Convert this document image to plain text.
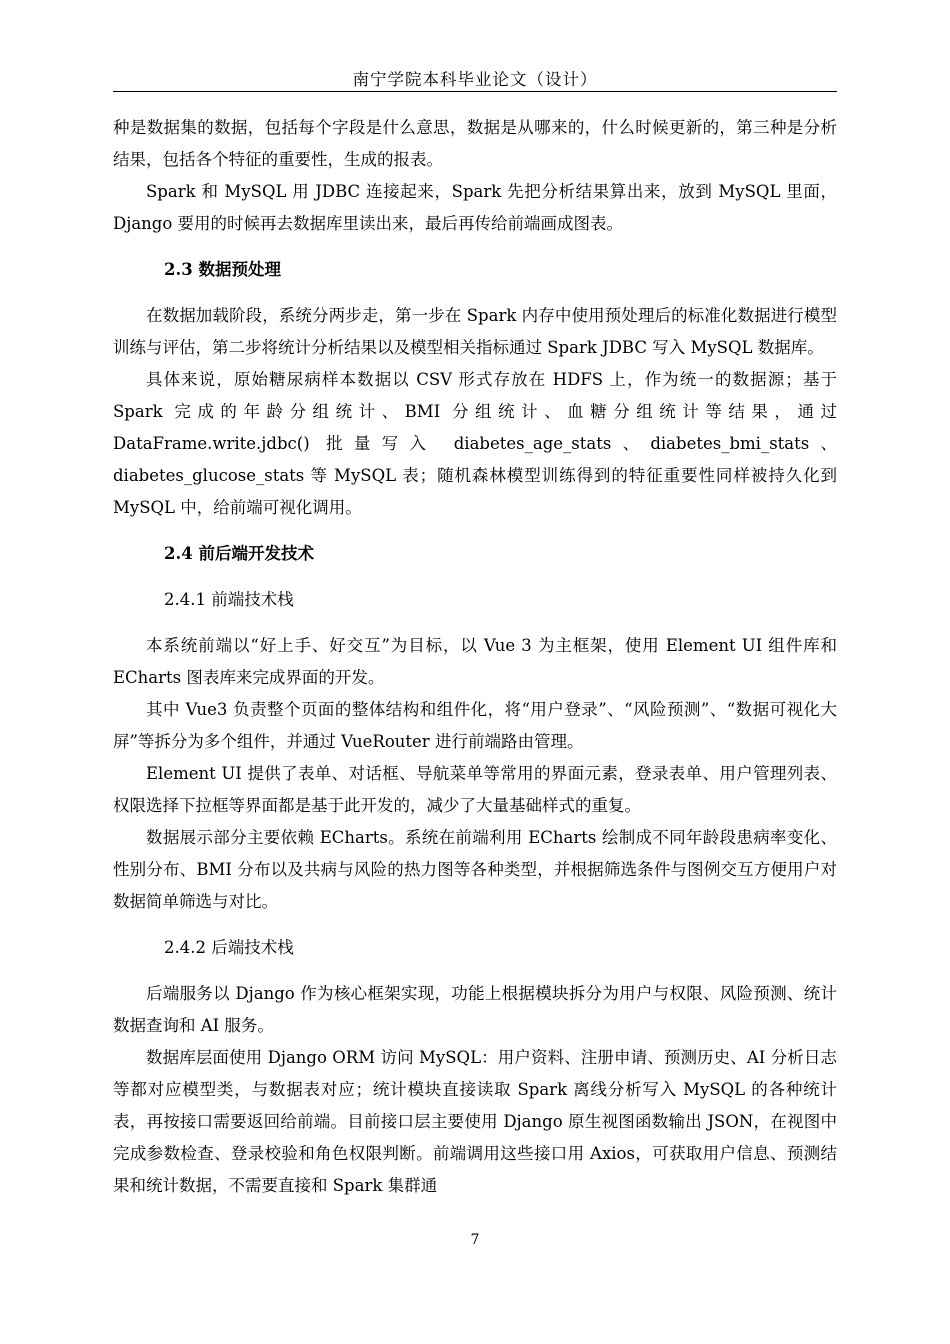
南宁学院本科毕业论文（设计）

种是数据集的数据，包括每个字段是什么意思，数据是从哪来的，什么时候更新的，第三种是分析结果，包括各个特征的重要性，生成的报表。

Spark 和 MySQL 用 JDBC 连接起来，Spark 先把分析结果算出来，放到 MySQL 里面，Django 要用的时候再去数据库里读出来，最后再传给前端画成图表。

2.3 数据预处理

在数据加载阶段，系统分两步走，第一步在 Spark 内存中使用预处理后的标准化数据进行模型训练与评估，第二步将统计分析结果以及模型相关指标通过 Spark JDBC 写入 MySQL 数据库。

具体来说，原始糖尿病样本数据以 CSV 形式存放在 HDFS 上，作为统一的数据源；基于 Spark 完成的年龄分组统计、BMI 分组统计、血糖分组统计等结果，通过 DataFrame.write.jdbc() 批量写入 diabetes_age_stats、diabetes_bmi_stats、diabetes_glucose_stats 等 MySQL 表；随机森林模型训练得到的特征重要性同样被持久化到 MySQL 中，给前端可视化调用。

2.4 前后端开发技术
2.4.1 前端技术栈

本系统前端以“好上手、好交互”为目标，以 Vue 3 为主框架，使用 Element UI 组件库和 ECharts 图表库来完成界面的开发。

其中 Vue3 负责整个页面的整体结构和组件化，将“用户登录”、“风险预测”、“数据可视化大屏”等拆分为多个组件，并通过 VueRouter 进行前端路由管理。

Element UI 提供了表单、对话框、导航菜单等常用的界面元素，登录表单、用户管理列表、权限选择下拉框等界面都是基于此开发的，减少了大量基础样式的重复。

数据展示部分主要依赖 ECharts。系统在前端利用 ECharts 绘制成不同年龄段患病率变化、性别分布、BMI 分布以及共病与风险的热力图等各种类型，并根据筛选条件与图例交互方便用户对数据简单筛选与对比。

2.4.2 后端技术栈

后端服务以 Django 作为核心框架实现，功能上根据模块拆分为用户与权限、风险预测、统计数据查询和 AI 服务。

数据库层面使用 Django ORM 访问 MySQL：用户资料、注册申请、预测历史、AI 分析日志等都对应模型类，与数据表对应；统计模块直接读取 Spark 离线分析写入 MySQL 的各种统计表，再按接口需要返回给前端。目前接口层主要使用 Django 原生视图函数输出 JSON，在视图中完成参数检查、登录校验和角色权限判断。前端调用这些接口用 Axios，可获取用户信息、预测结果和统计数据，不需要直接和 Spark 集群通

7
